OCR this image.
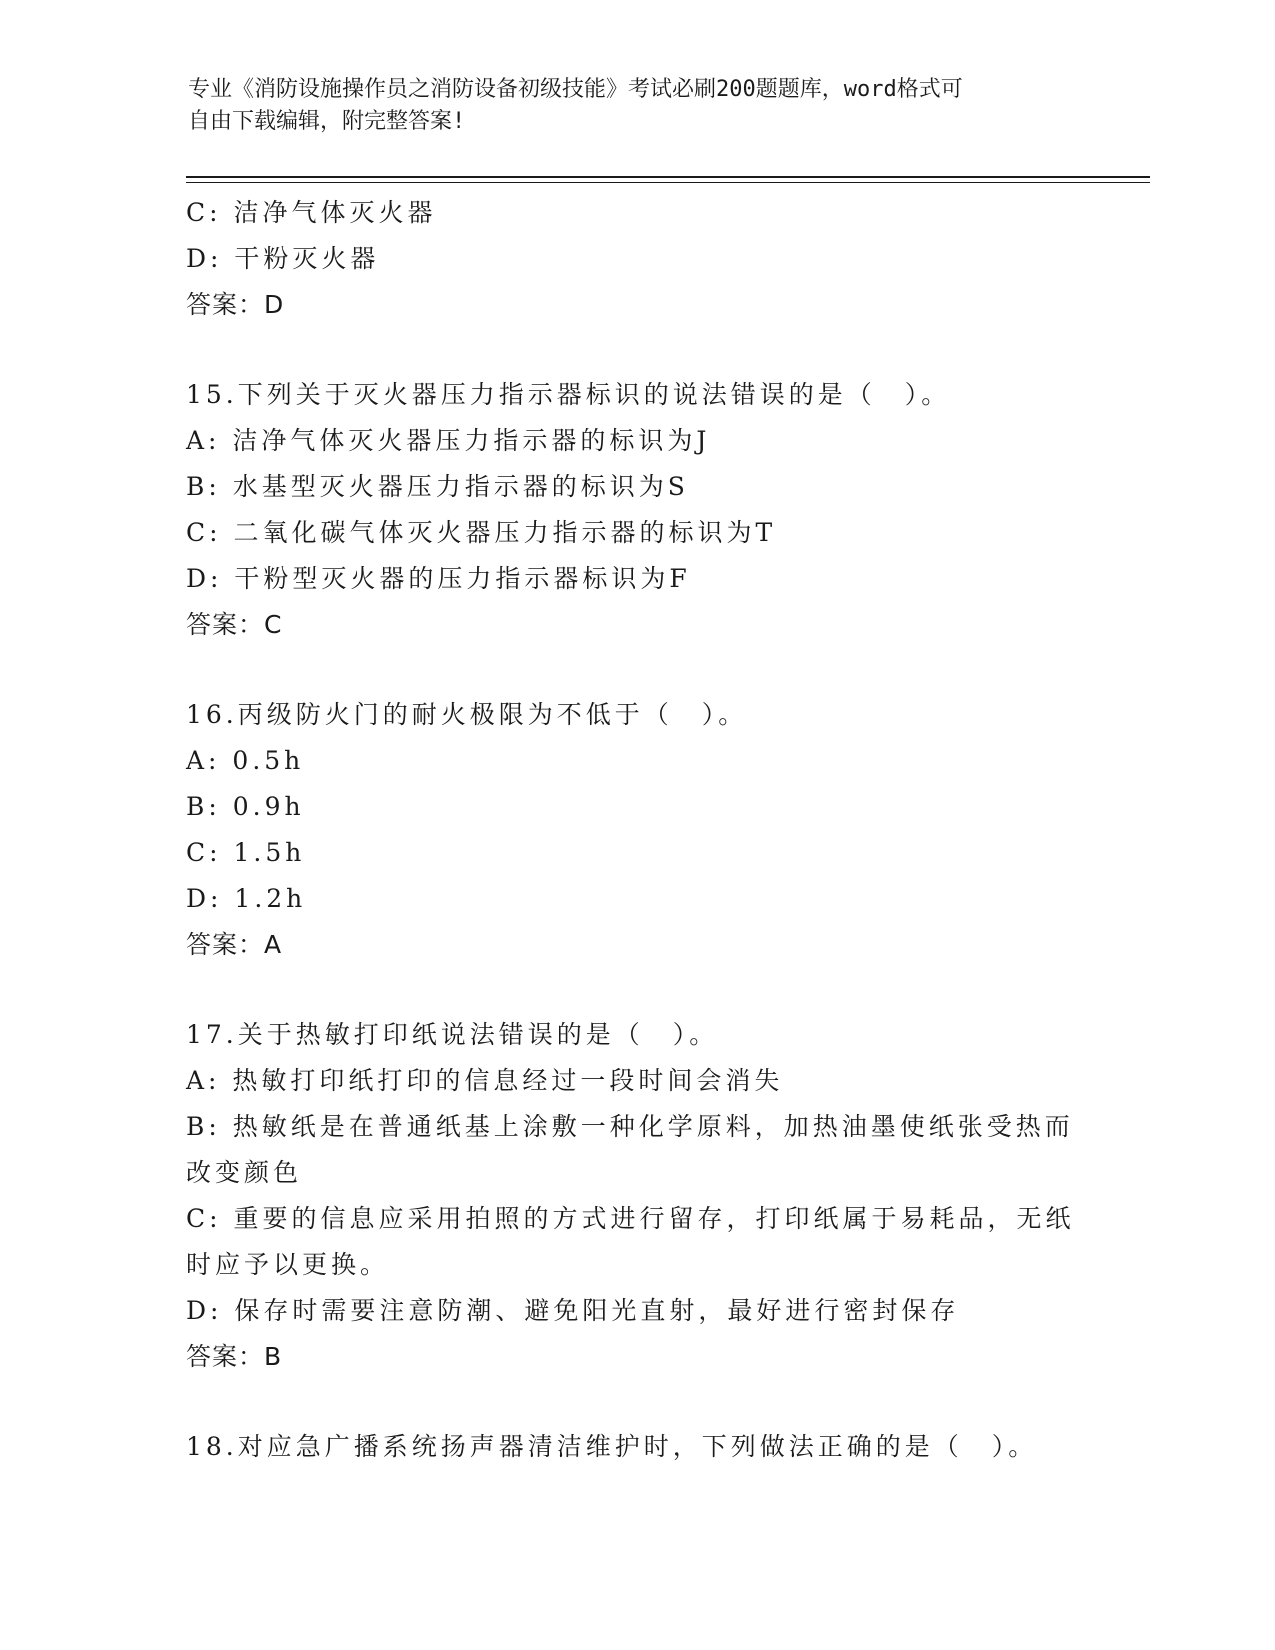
专业《消防设施操作员之消防设备初级技能》考试必刷200题题库，word格式可
自由下载编辑，附完整答案!
C: 洁净气体灭火器
D: 干粉灭火器
答案：D
15.下列关于灭火器压力指示器标识的说法错误的是（　）。
A: 洁净气体灭火器压力指示器的标识为J
B: 水基型灭火器压力指示器的标识为S
C: 二氧化碳气体灭火器压力指示器的标识为T
D: 干粉型灭火器的压力指示器标识为F
答案：C
16.丙级防火门的耐火极限为不低于（　）。
A: 0.5h
B: 0.9h
C: 1.5h
D: 1.2h
答案：A
17.关于热敏打印纸说法错误的是（　）。
A: 热敏打印纸打印的信息经过一段时间会消失
B: 热敏纸是在普通纸基上涂敷一种化学原料，加热油墨使纸张受热而
改变颜色
C: 重要的信息应采用拍照的方式进行留存，打印纸属于易耗品，无纸
时应予以更换。
D: 保存时需要注意防潮、避免阳光直射，最好进行密封保存
答案：B
18.对应急广播系统扬声器清洁维护时，下列做法正确的是（　）。
